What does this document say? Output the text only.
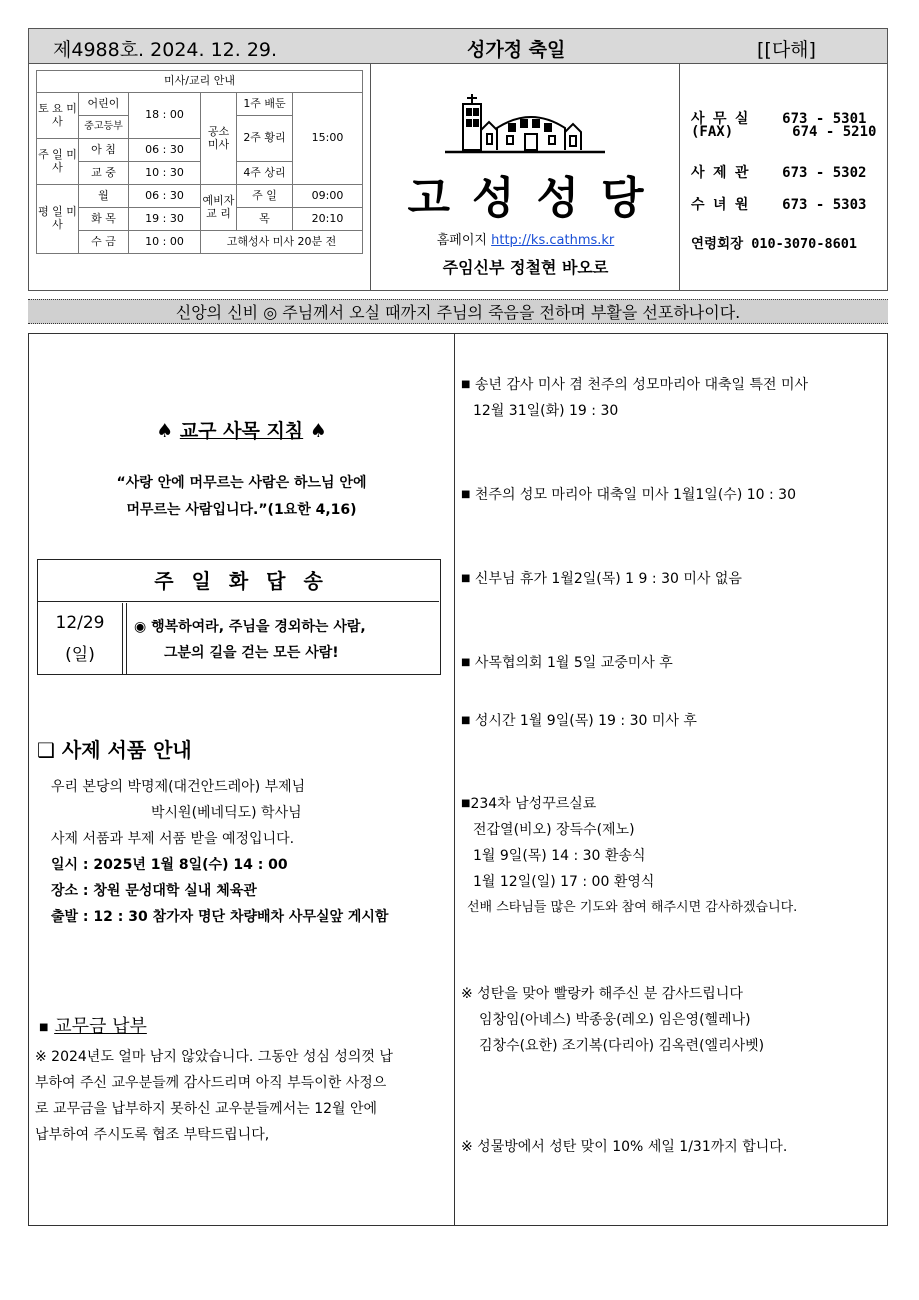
제4988호. 2024. 12. 29.	성가정 축일	[[다해]
미사/교리 안내					
토 요 미 사	어린이	18 : 00	공소 미사	1주 배둔	15:00
	중고등부			2주 황리	
주 일 미 사	아 침	06 : 30			
	교 중	10 : 30		4주 상리	
평 일 미 사	월	06 : 30	예비자 교 리	주 일	09:00
	화 목	19 : 30		목	20:10
	수 금	10 : 00	고해성사 미사 20분 전		
고성성당
홈페이지 http://ks.cathms.kr
주임신부 정철현 바오로
사 무 실    673 - 5301
(FAX)       674 - 5210
사 제 관    673 - 5302
수 녀 원    673 - 5303
연령회장 010-3070-8601
신앙의 신비 ◎ 주님께서 오실 때까지 주님의 죽음을 전하며 부활을 선포하나이다.
♠ 교구 사목 지침 ♠
“사랑 안에 머무르는 사람은 하느님 안에
머무르는 사람입니다.”(1요한 4,16)
주일화답송
12/29
(일)
◉ 행복하여라, 주님을 경외하는 사람,
그분의 길을 걷는 모든 사람!
❑ 사제 서품 안내
우리 본당의 박명제(대건안드레아) 부제님
박시원(베네딕도) 학사님
사제 서품과 부제 서품 받을 예정입니다.
일시 : 2025년 1월 8일(수) 14 : 00
장소 : 창원 문성대학 실내 체육관
출발 : 12 : 30 참가자 명단 차량배차 사무실앞 게시함
■ 교무금 납부
※ 2024년도 얼마 남지 않았습니다. 그동안 성심 성의껏 납
부하여 주신 교우분들께 감사드리며 아직 부득이한 사정으
로 교무금을 납부하지 못하신 교우분들께서는 12월 안에
납부하여 주시도록 협조 부탁드립니다,
■ 송년 감사 미사 겸 천주의 성모마리아 대축일 특전 미사
12월 31일(화) 19 : 30
■ 천주의 성모 마리아 대축일 미사 1월1일(수) 10 : 30
■ 신부님 휴가 1월2일(목) 1 9 : 30 미사 없음
■ 사목협의회 1월 5일 교중미사 후
■ 성시간 1월 9일(목) 19 : 30 미사 후
■234차 남성꾸르실료
전갑열(비오) 장득수(제노)
1월 9일(목) 14 : 30 환송식
1월 12일(일) 17 : 00 환영식
선배 스타님들 많은 기도와 참여 해주시면 감사하겠습니다.
※ 성탄을 맞아 빨랑카 해주신 분 감사드립니다
임창임(아녜스) 박종웅(레오) 임은영(헬레나)
김창수(요한) 조기복(다리아) 김옥련(엘리사벳)
※ 성물방에서 성탄 맞이 10% 세일 1/31까지 합니다.
